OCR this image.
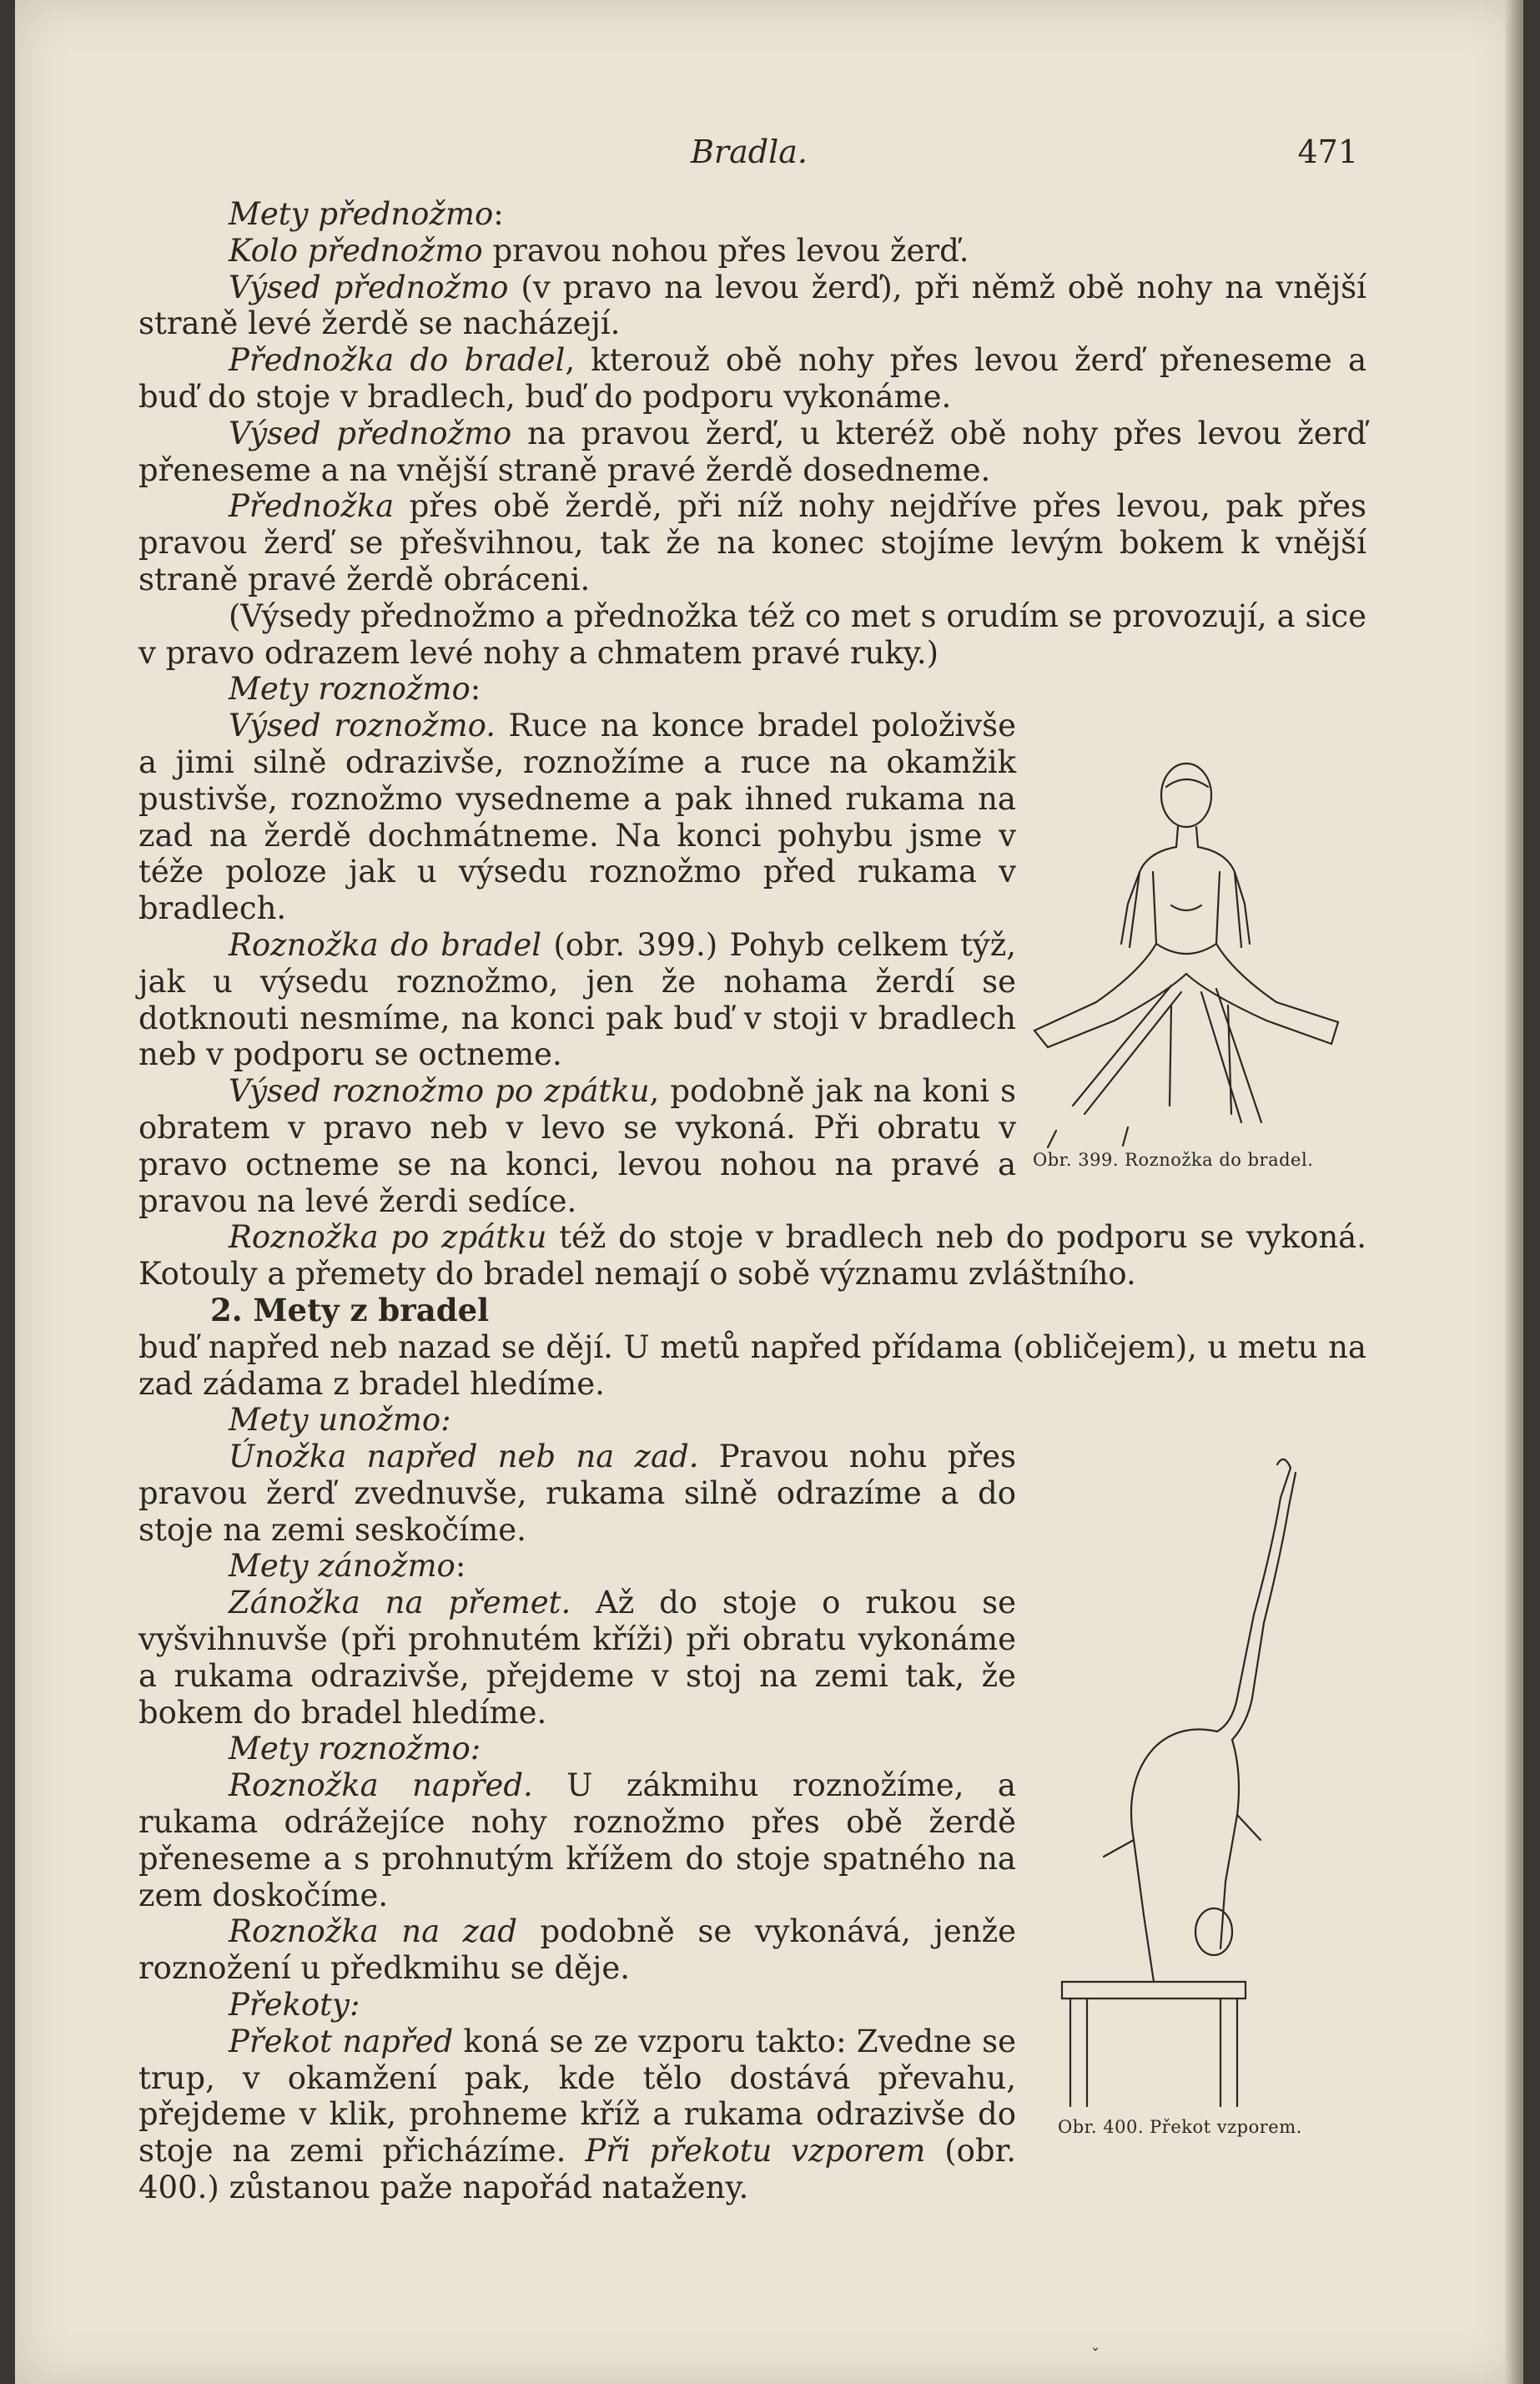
Bradla.	471

Mety přednožmo:

Kolo přednožmo pravou nohou přes levou žerď.

Výsed přednožmo (v pravo na levou žerď), při němž obě nohy na vnější straně levé žerdě se nacházejí.

Přednožka do bradel, kterouž obě nohy přes levou žerď přeneseme a buď do stoje v bradlech, buď do podporu vykonáme.

Výsed přednožmo na pravou žerď, u kteréž obě nohy přes levou žerď přeneseme a na vnější straně pravé žerdě dosedneme.

Přednožka přes obě žerdě, při níž nohy nejdříve přes levou, pak přes pravou žerď se přešvihnou, tak že na konec stojíme levým bokem k vnější straně pravé žerdě obráceni.

(Výsedy přednožmo a přednožka též co met s orudím se provozují, a sice v pravo odrazem levé nohy a chmatem pravé ruky.)

Mety roznožmo:

Výsed roznožmo. Ruce na konce bradel položivše a jimi silně odrazivše, roznožíme a ruce na okamžik pustivše, roznožmo vysedneme a pak ihned rukama na zad na žerdě dochmátneme. Na konci pohybu jsme v téže poloze jak u výsedu roznožmo před rukama v bradlech.

Roznožka do bradel (obr. 399.) Pohyb celkem týž, jak u výsedu roznožmo, jen že nohama žerdí se dotknouti nesmíme, na konci pak buď v stoji v bradlech neb v podporu se octneme.

Výsed roznožmo po zpátku, podobně jak na koni s obratem v pravo neb v levo se vykoná. Při obratu v pravo octneme se na konci, levou nohou na pravé a pravou na levé žerdi sedíce.

Roznožka po zpátku též do stoje v bradlech neb do podporu se vykoná. Kotouly a přemety do bradel nemají o sobě významu zvláštního.

2. Mety z bradel

buď napřed neb nazad se dějí. U metů napřed přídama (obličejem), u metu na zad zádama z bradel hledíme.

Mety unožmo:

Únožka napřed neb na zad. Pravou nohu přes pravou žerď zvednuvše, rukama silně odrazíme a do stoje na zemi seskočíme.

Mety zánožmo:

Zánožka na přemet. Až do stoje o rukou se vyšvihnuvše (při prohnutém kříži) při obratu vykonáme a rukama odrazivše, přejdeme v stoj na zemi tak, že bokem do bradel hledíme.

Mety roznožmo:

Roznožka napřed. U zákmihu roznožíme, a rukama odrážejíce nohy roznožmo přes obě žerdě přeneseme a s prohnutým křížem do stoje spatného na zem doskočíme.

Roznožka na zad podobně se vykonává, jenže roznožení u předkmihu se děje.

Překoty:

Překot napřed koná se ze vzporu takto: Zvedne se trup, v okamžení pak, kde tělo dostává převahu, přejdeme v klik, prohneme kříž a rukama odrazivše do stoje na zemi přicházíme. Při překotu vzporem (obr. 400.) zůstanou paže napořád nataženy.

Obr. 399. Roznožka do bradel.
Obr. 400. Překot vzporem.
ˇ
